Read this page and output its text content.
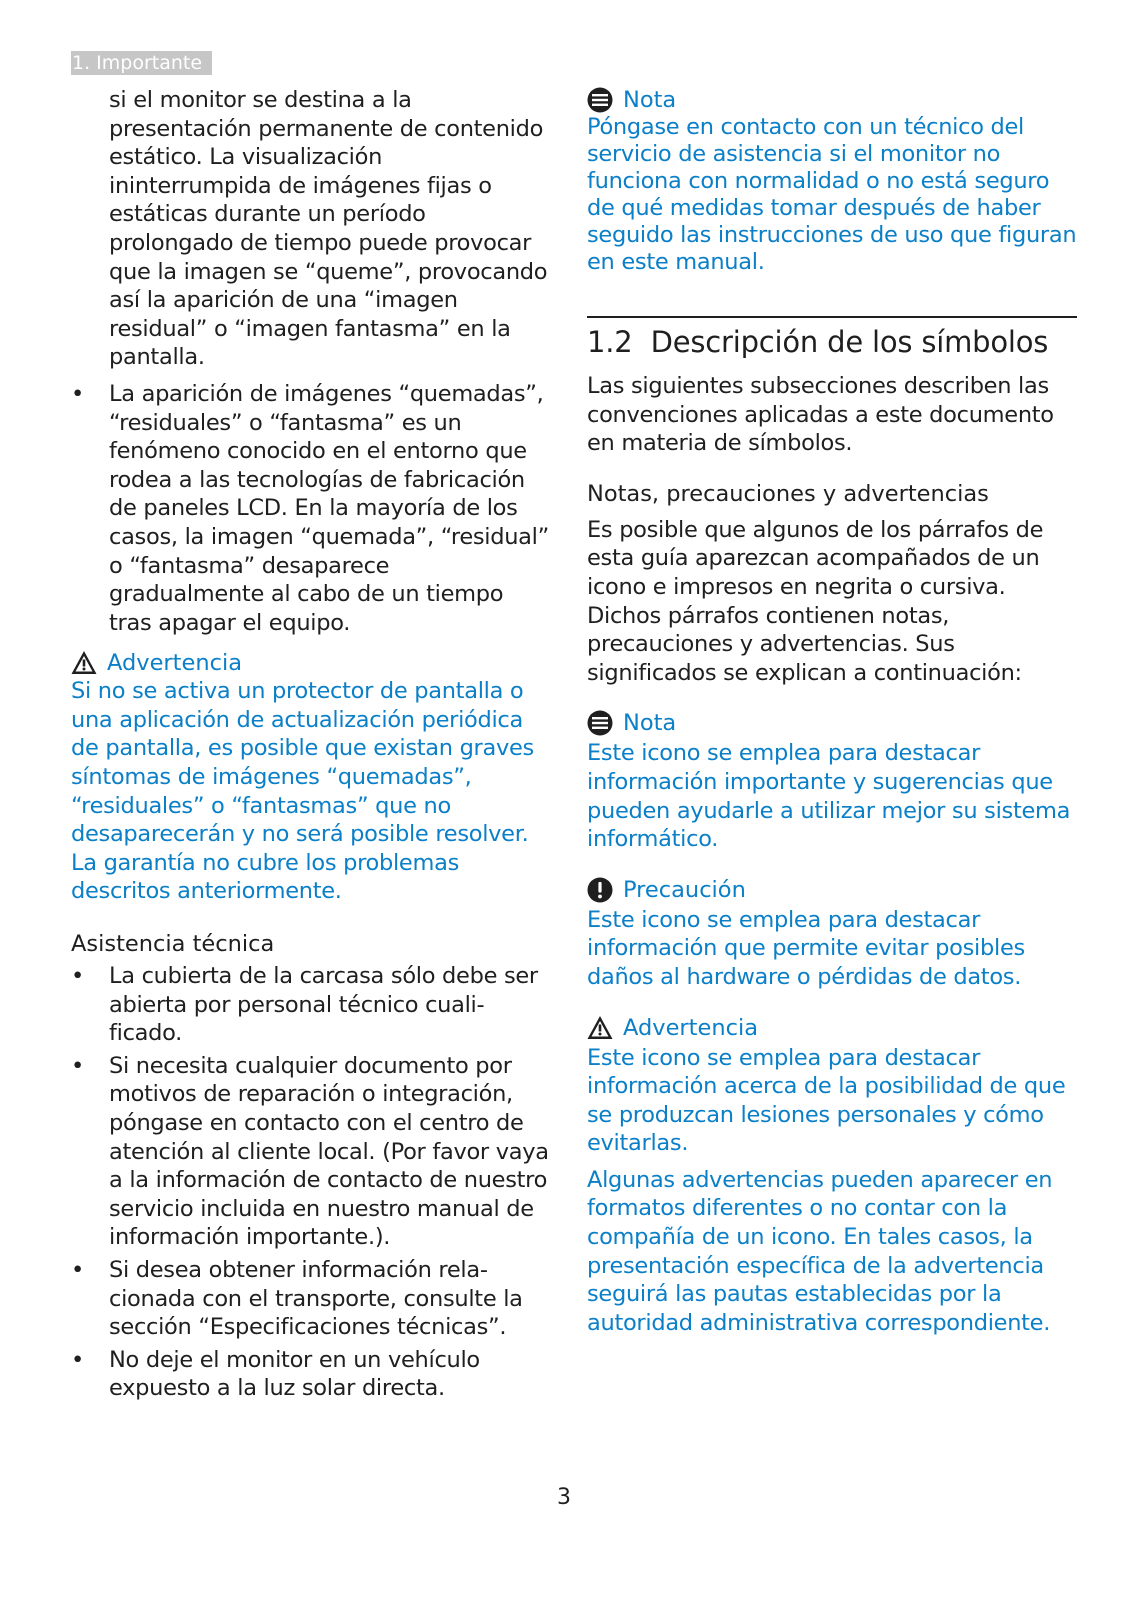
1. Importante

si el monitor se destina a la presentación permanente de contenido estático. La visualización ininterrumpida de imágenes fijas o estáticas durante un período prolongado de tiempo puede provocar que la imagen se “queme”, provocando así la aparición de una “imagen residual” o “imagen fantasma” en la pantalla.

• La aparición de imágenes “quemadas”, “residuales” o “fantasma” es un fenómeno conocido en el entorno que rodea a las tecnologías de fabricación de paneles LCD. En la mayoría de los casos, la imagen “quemada”, “residual” o “fantasma” desaparece gradualmente al cabo de un tiempo tras apagar el equipo.
Advertencia

Si no se activa un protector de pantalla o una aplicación de actualización periódica de pantalla, es posible que existan graves síntomas de imágenes “quemadas”, “residuales” o “fantasmas” que no desaparecerán y no será posible resolver. La garantía no cubre los problemas descritos anteriormente.

Asistencia técnica
• La cubierta de la carcasa sólo debe ser abierta por personal técnico cuali- ficado.
• Si necesita cualquier documento por motivos de reparación o integración, póngase en contacto con el centro de atención al cliente local. (Por favor vaya a la información de contacto de nuestro servicio incluida en nuestro manual de información importante.).
• Si desea obtener información rela- cionada con el transporte, consulte la sección “Especificaciones técnicas”.
• No deje el monitor en un vehículo expuesto a la luz solar directa.
Nota

Póngase en contacto con un técnico del servicio de asistencia si el monitor no funciona con normalidad o no está seguro de qué medidas tomar después de haber seguido las instrucciones de uso que figuran en este manual.

1.2 Descripción de los símbolos

Las siguientes subsecciones describen las convenciones aplicadas a este documento en materia de símbolos.

Notas, precauciones y advertencias

Es posible que algunos de los párrafos de esta guía aparezcan acompañados de un icono e impresos en negrita o cursiva. Dichos párrafos contienen notas, precauciones y advertencias. Sus significados se explican a continuación:

Nota

Este icono se emplea para destacar información importante y sugerencias que pueden ayudarle a utilizar mejor su sistema informático.

Precaución

Este icono se emplea para destacar información que permite evitar posibles daños al hardware o pérdidas de datos.

Advertencia

Este icono se emplea para destacar información acerca de la posibilidad de que se produzcan lesiones personales y cómo evitarlas.

Algunas advertencias pueden aparecer en formatos diferentes o no contar con la compañía de un icono. En tales casos, la presentación específica de la advertencia seguirá las pautas establecidas por la autoridad administrativa correspondiente.

3
